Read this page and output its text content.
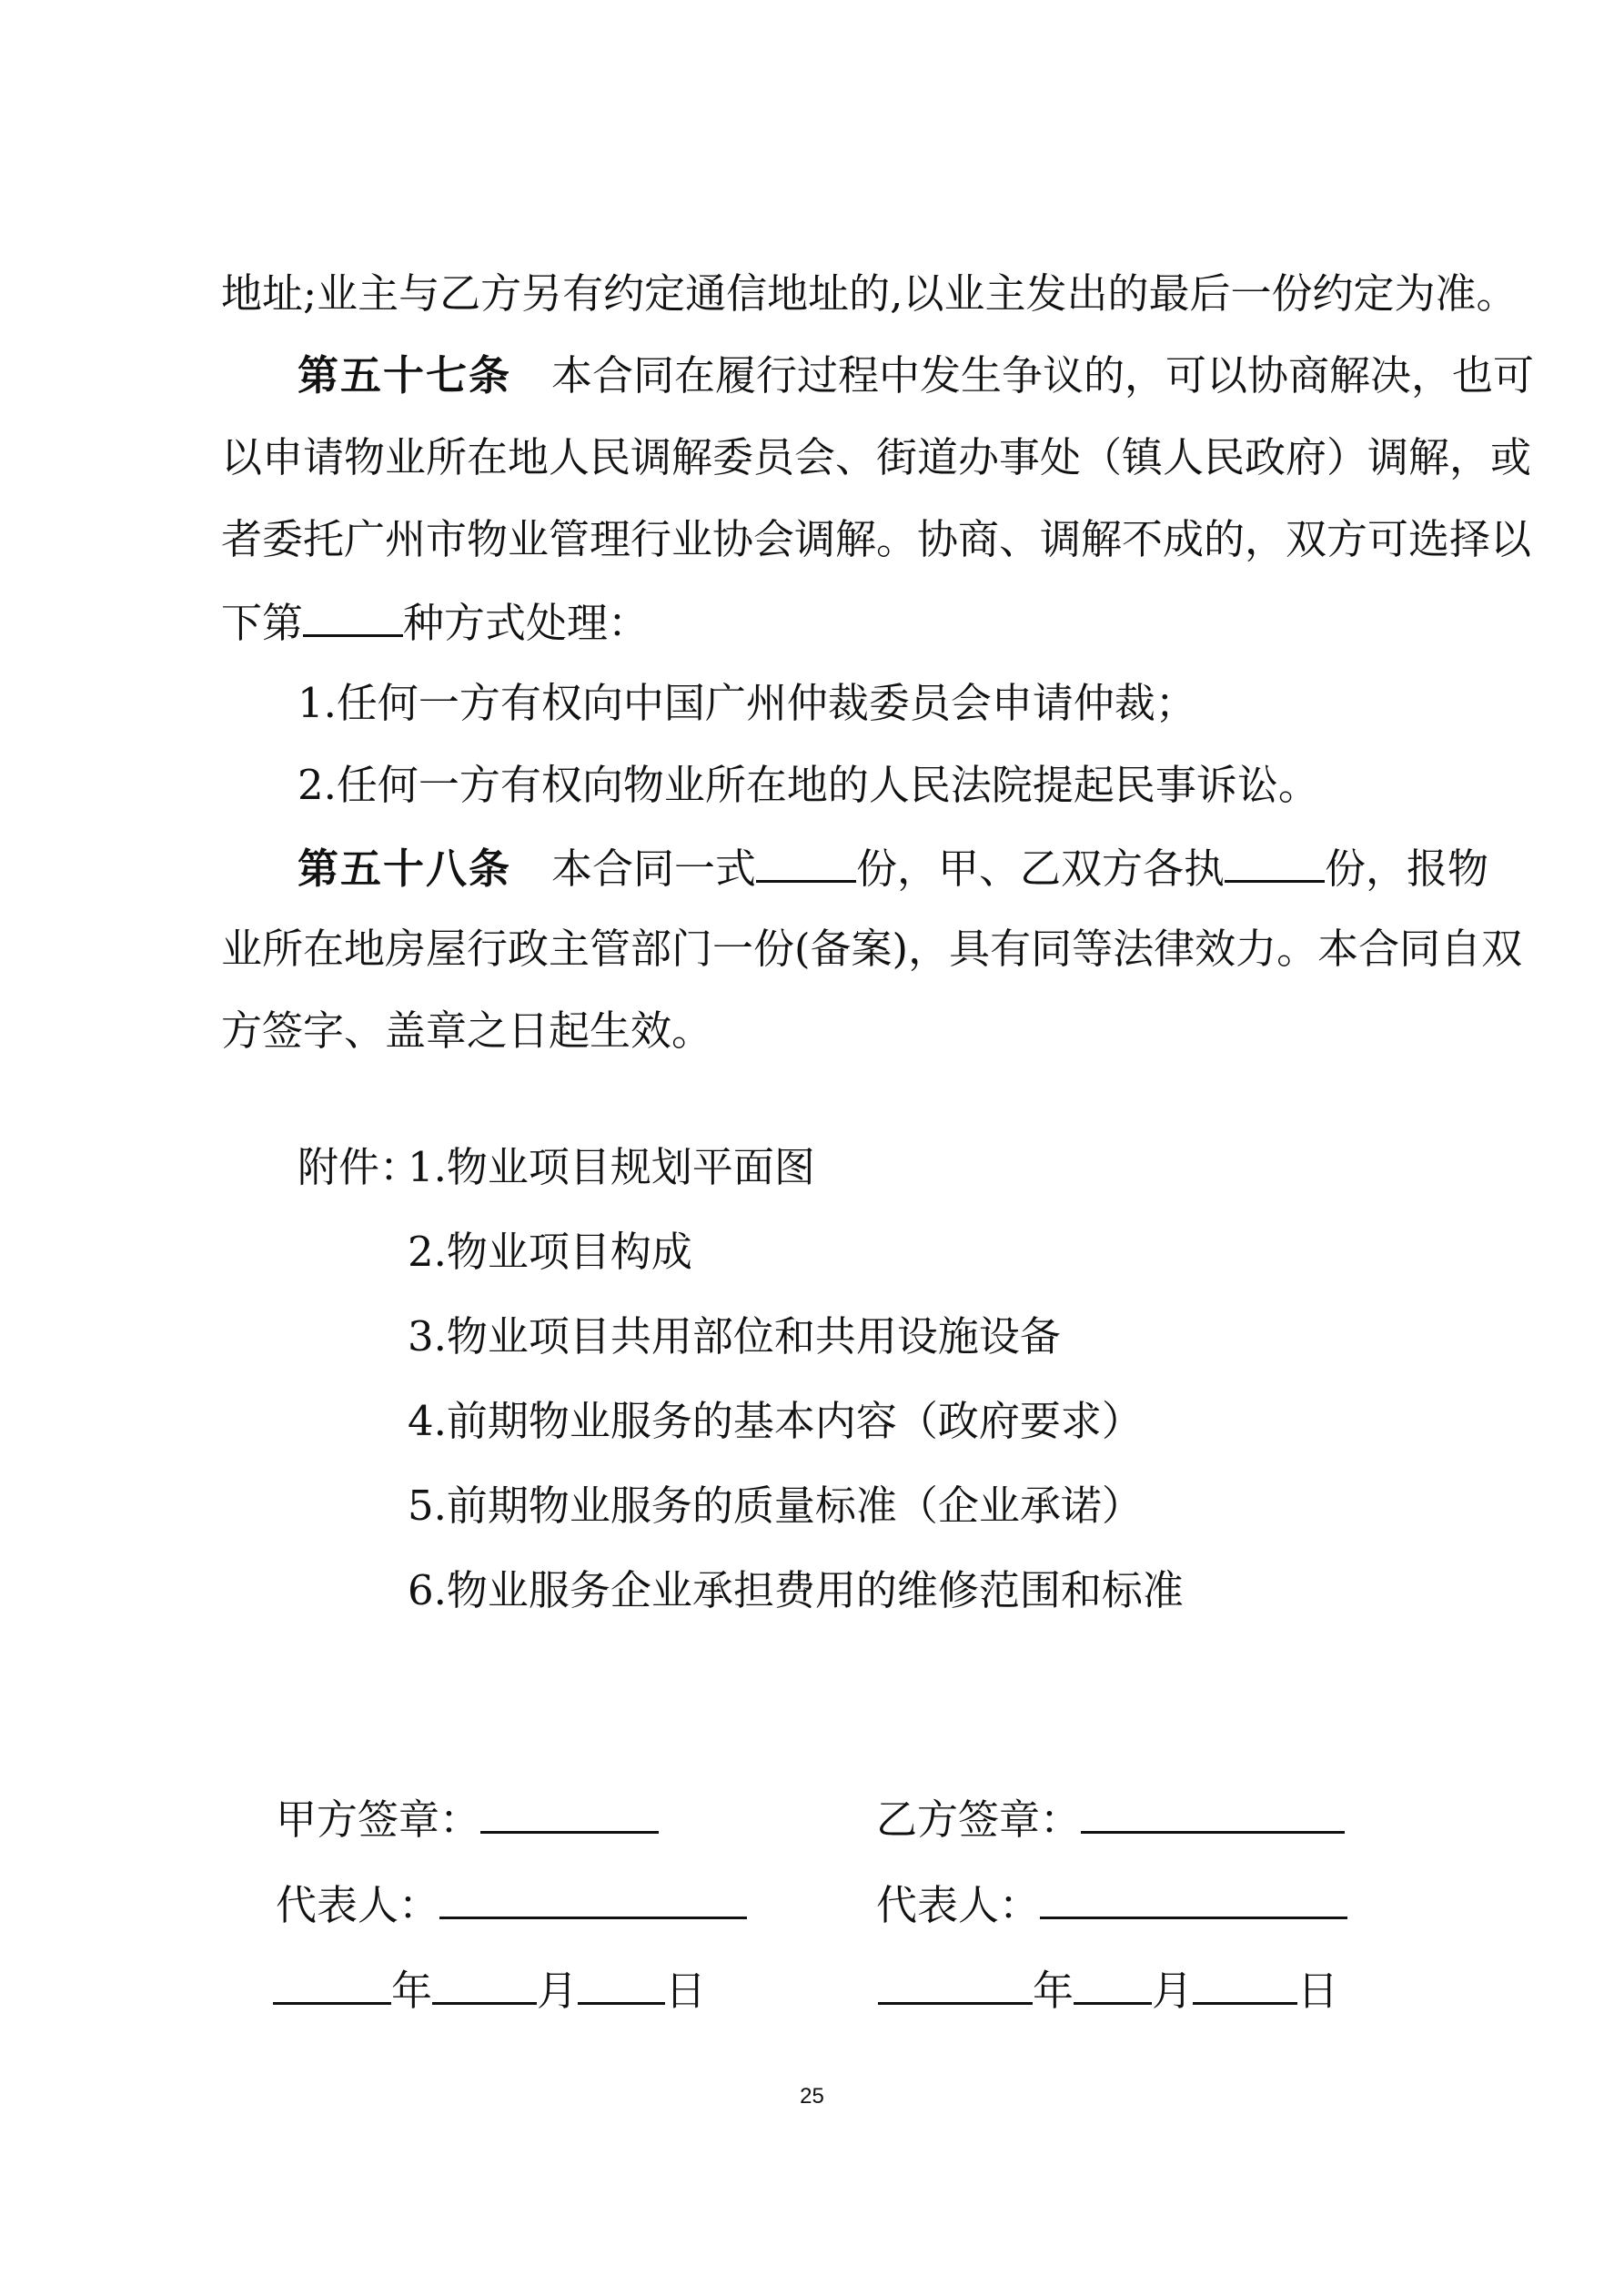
地址;业主与乙方另有约定通信地址的,以业主发出的最后一份约定为准。
第五十七条 本合同在履行过程中发生争议的，可以协商解决，也可
以申请物业所在地人民调解委员会、街道办事处（镇人民政府）调解，或
者委托广州市物业管理行业协会调解。协商、调解不成的，双方可选择以
下第 种方式处理：
1.任何一方有权向中国广州仲裁委员会申请仲裁；
2.任何一方有权向物业所在地的人民法院提起民事诉讼。
第五十八条 本合同一式 份，甲、乙双方各执 份，报物
业所在地房屋行政主管部门一份(备案)，具有同等法律效力。本合同自双
方签字、盖章之日起生效。
附件：
1.物业项目规划平面图
2.物业项目构成
3.物业项目共用部位和共用设施设备
4.前期物业服务的基本内容（政府要求）
5.前期物业服务的质量标准（企业承诺）
6.物业服务企业承担费用的维修范围和标准
甲方签章：
代表人：
年	月 日
乙方签章：
代表人：
年 月	日
25
